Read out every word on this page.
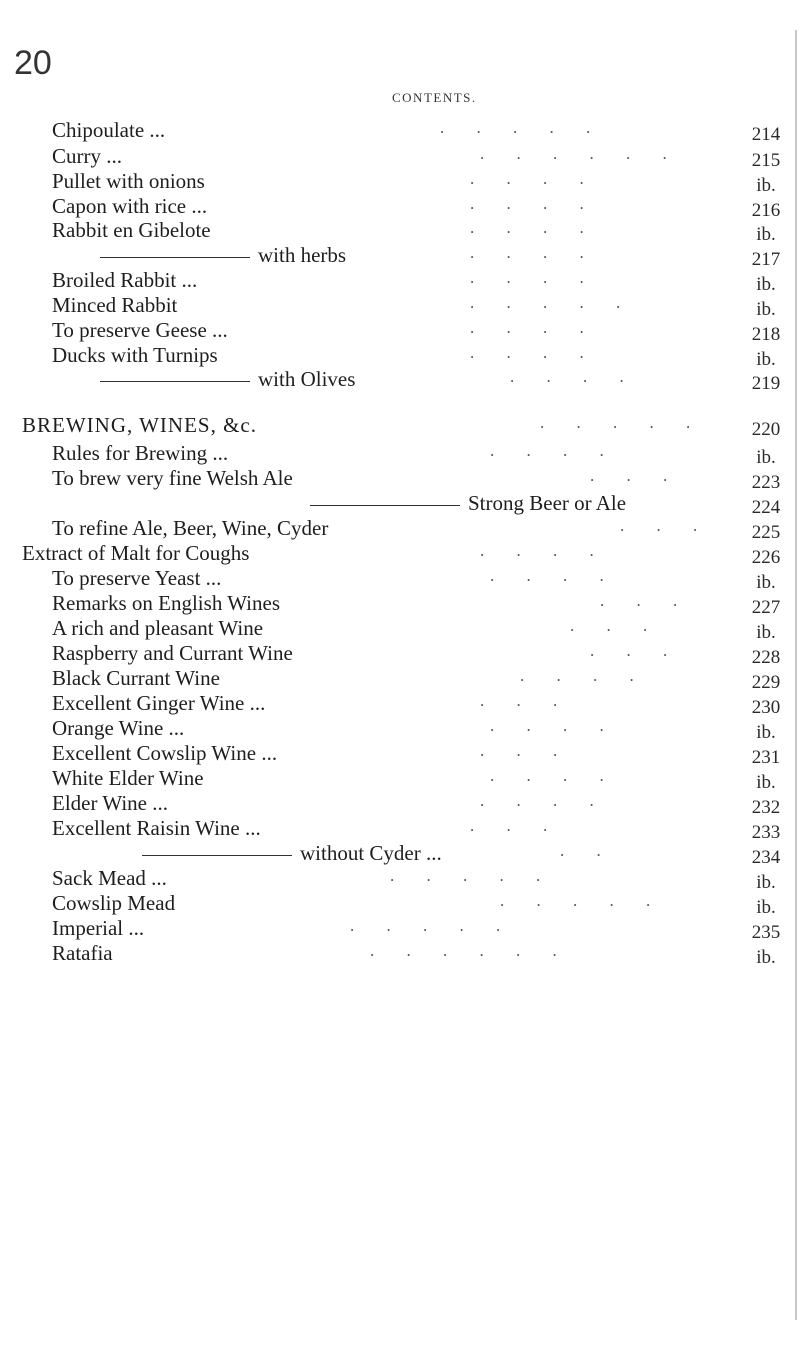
20
CONTENTS.
Chipoulate ...	. . . . .	214
Curry ...	. . . . . .	215
Pullet with onions	. . . .	ib.
Capon with rice ...	. . . .	216
Rabbit en Gibelote	. . . .	ib.
with herbs	. . . .	217
Broiled Rabbit ...	. . . .	ib.
Minced Rabbit	. . . . .	ib.
To preserve Geese ...	. . . .	218
Ducks with Turnips	. . . .	ib.
with Olives	. . . .	219
BREWING, WINES, &c.	. . . . .	220
Rules for Brewing ...	. . . .	ib.
To brew very fine Welsh Ale	. . .	223
Strong Beer or Ale	224
To refine Ale, Beer, Wine, Cyder	. . .	225
Extract of Malt for Coughs	. . . .	226
To preserve Yeast ...	. . . .	ib.
Remarks on English Wines	. . .	227
A rich and pleasant Wine	. . .	ib.
Raspberry and Currant Wine	. . .	228
Black Currant Wine	. . . .	229
Excellent Ginger Wine ...	. . .	230
Orange Wine ...	. . . .	ib.
Excellent Cowslip Wine ...	. . .	231
White Elder Wine	. . . .	ib.
Elder Wine ...	. . . .	232
Excellent Raisin Wine ...	. . .	233
without Cyder ...	. .	234
Sack Mead ...	. . . . .	ib.
Cowslip Mead	. . . . .	ib.
Imperial ...	. . . . .	235
Ratafia	. . . . . .	ib.
